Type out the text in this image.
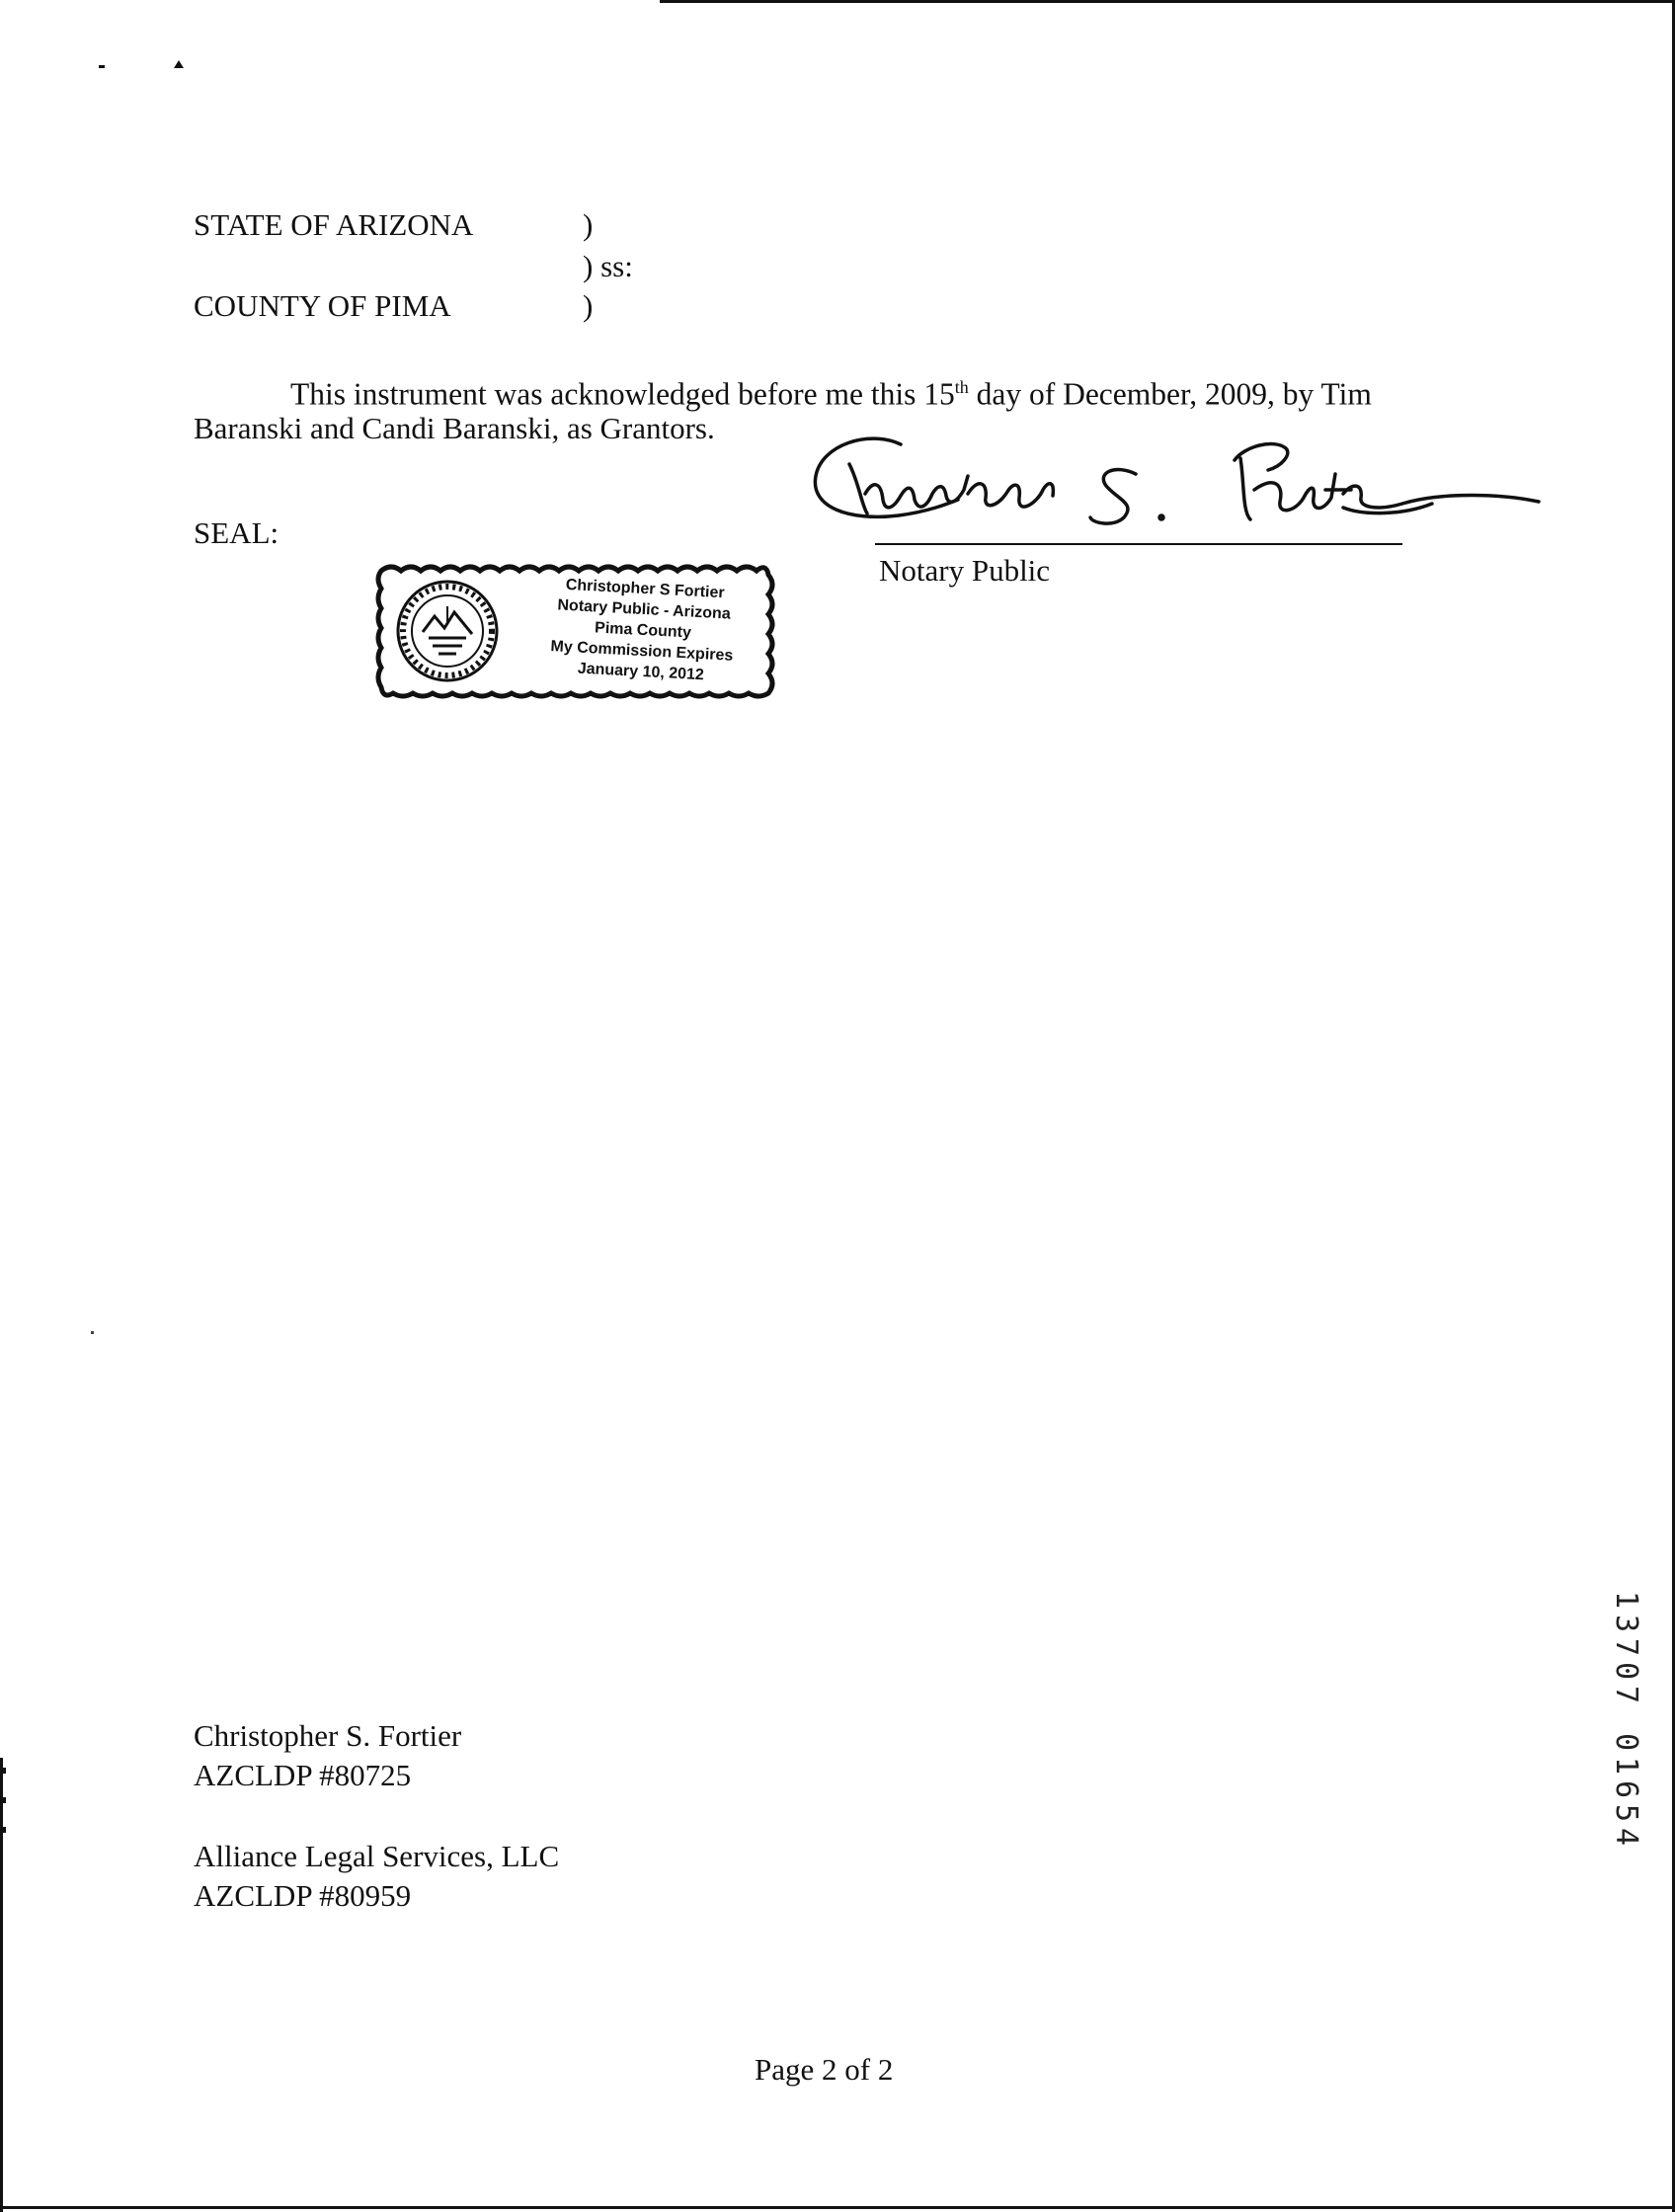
STATE OF ARIZONA	)
) ss:
COUNTY OF PIMA	)
This instrument was acknowledged before me this 15th day of December, 2009, by Tim
Baranski and Candi Baranski, as Grantors.
SEAL:
Notary Public
Christopher S Fortier
Notary Public - Arizona
Pima County
My Commission Expires
January 10, 2012
Christopher S. Fortier
AZCLDP #80725
Alliance Legal Services, LLC
AZCLDP #80959
1
3
7
0
7
0
1
6
5
4
Page 2 of 2
